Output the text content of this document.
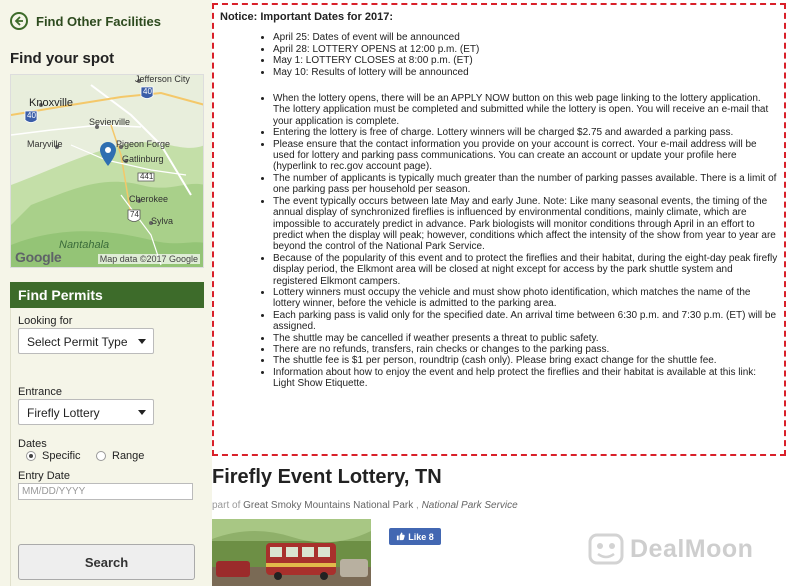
Find Other Facilities
Find your spot
Jefferson City
Knoxville
Sevierville
Maryville	Pigeon Forge
Gatlinburg
Cherokee
Sylva
Nantahala
40
40
441
74
Google	Map data ©2017 Google
Find Permits
Looking for
Select Permit Type
Entrance
Firefly Lottery
Dates
Specific	Range
Entry Date
MM/DD/YYYY
Search
Notice: Important Dates for 2017:
• April 25: Dates of event will be announced
• April 28: LOTTERY OPENS at 12:00 p.m. (ET)
• May 1: LOTTERY CLOSES at 8:00 p.m. (ET)
• May 10: Results of lottery will be announced
• When the lottery opens, there will be an APPLY NOW button on this web page linking to the lottery application. The lottery application must be completed and submitted while the lottery is open. You will receive an e-mail that your application is complete.
• Entering the lottery is free of charge. Lottery winners will be charged $2.75 and awarded a parking pass.
• Please ensure that the contact information you provide on your account is correct. Your e-mail address will be used for lottery and parking pass communications. You can create an account or update your profile here (hyperlink to rec.gov account page).
• The number of applicants is typically much greater than the number of parking passes available. There is a limit of one parking pass per household per season.
• The event typically occurs between late May and early June. Note: Like many seasonal events, the timing of the annual display of synchronized fireflies is influenced by environmental conditions, mainly climate, which are impossible to accurately predict in advance. Park biologists will monitor conditions through April in an effort to predict when the display will peak; however, conditions which affect the intensity of the show from year to year are beyond the control of the National Park Service.
• Because of the popularity of this event and to protect the fireflies and their habitat, during the eight-day peak firefly display period, the Elkmont area will be closed at night except for access by the park shuttle system and registered Elkmont campers.
• Lottery winners must occupy the vehicle and must show photo identification, which matches the name of the lottery winner, before the vehicle is admitted to the parking area.
• Each parking pass is valid only for the specified date. An arrival time between 6:30 p.m. and 7:30 p.m. (ET) will be assigned.
• The shuttle may be cancelled if weather presents a threat to public safety.
• There are no refunds, transfers, rain checks or changes to the parking pass.
• The shuttle fee is $1 per person, roundtrip (cash only). Please bring exact change for the shuttle fee.
• Information about how to enjoy the event and help protect the fireflies and their habitat is available at this link: Light Show Etiquette.
Firefly Event Lottery, TN
part of Great Smoky Mountains National Park , National Park Service
Like 8	DealMoon
